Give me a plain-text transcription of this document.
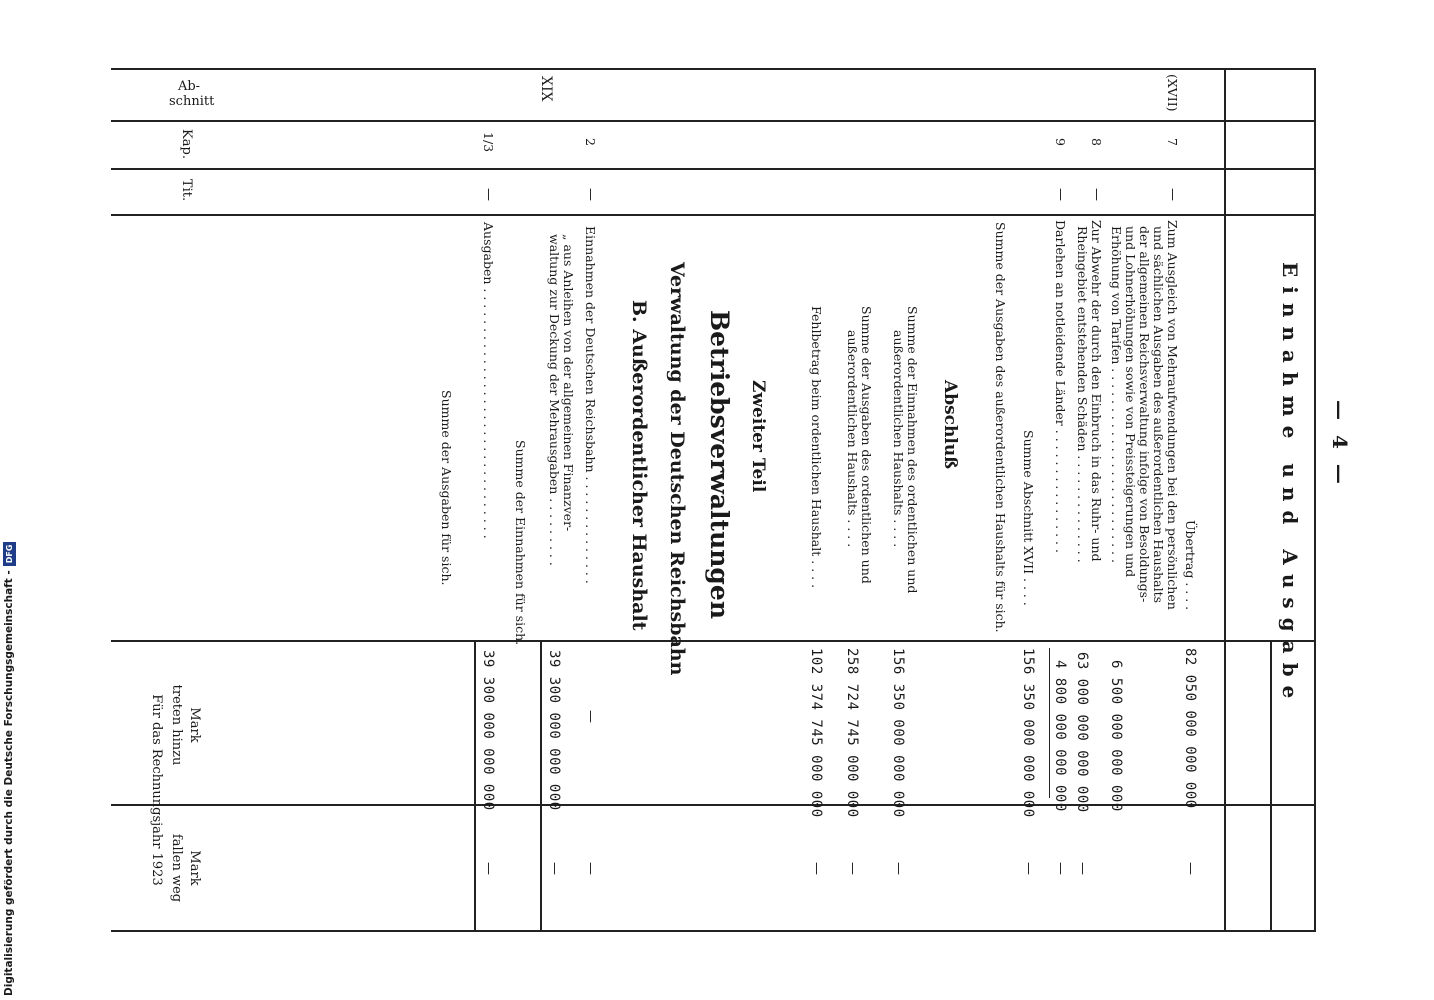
— 4 —
Einnahme und Ausgabe
Ab-
schnitt
Kap.
Tit.
Für das Rechnungsjahr 1923 treten hinzu Mark
fallen weg Mark
Übertrag . . . .
82 050 000 000 000
—
(XVII)
7
—
Zum Ausgleich von Mehraufwendungen bei den persönlichen
und sächlichen Ausgaben des außerordentlichen Haushalts
der allgemeinen Reichsverwaltung infolge von Besoldungs-
und Lohnerhöhungen sowie von Preissteigerungen und
Erhöhung von Tarifen . . . . . . . . . . . . . . . . . . . . . . . . .
6 500 000 000 000
8
—
Zur Abwehr der durch den Einbruch in das Ruhr- und
Rheingebiet entstehenden Schäden . . . . . . . . . . . . . .
63 000 000 000 000
—
9
—
Darlehen an notleidende Länder . . . . . . . . . . . . . . . .
4 800 000 000 000
—
Summe Abschnitt XVII . . . .
156 350 000 000 000
—
Summe der Ausgaben des außerordentlichen Haushalts für sich.
Abschluß
Summe der Einnahmen des ordentlichen und
außerordentlichen Haushalts . . . .
156 350 000 000 000
—
Summe der Ausgaben des ordentlichen und
außerordentlichen Haushalts . . . .
258 724 745 000 000
—
Fehlbetrag beim ordentlichen Haushalt . . . .
102 374 745 000 000
—
Zweiter Teil
Betriebsverwaltungen
Verwaltung der Deutschen Reichsbahn
B. Außerordentlicher Haushalt
XIX
2
—
Einnahmen der Deutschen Reichsbahn . . . . . . . . . . . . . .
—
—
„ aus Anleihen von der allgemeinen Finanzver-
waltung zur Deckung der Mehrausgaben . . . . . . . . .
39 300 000 000 000
—
Summe der Einnahmen für sich.
1/3
—
Ausgaben . . . . . . . . . . . . . . . . . . . . . . . . . . . . . . . .
39 300 000 000 000
—
Summe der Ausgaben für sich.
Digitalisierung gefördert durch die Deutsche Forschungsgemeinschaft -
DFG
